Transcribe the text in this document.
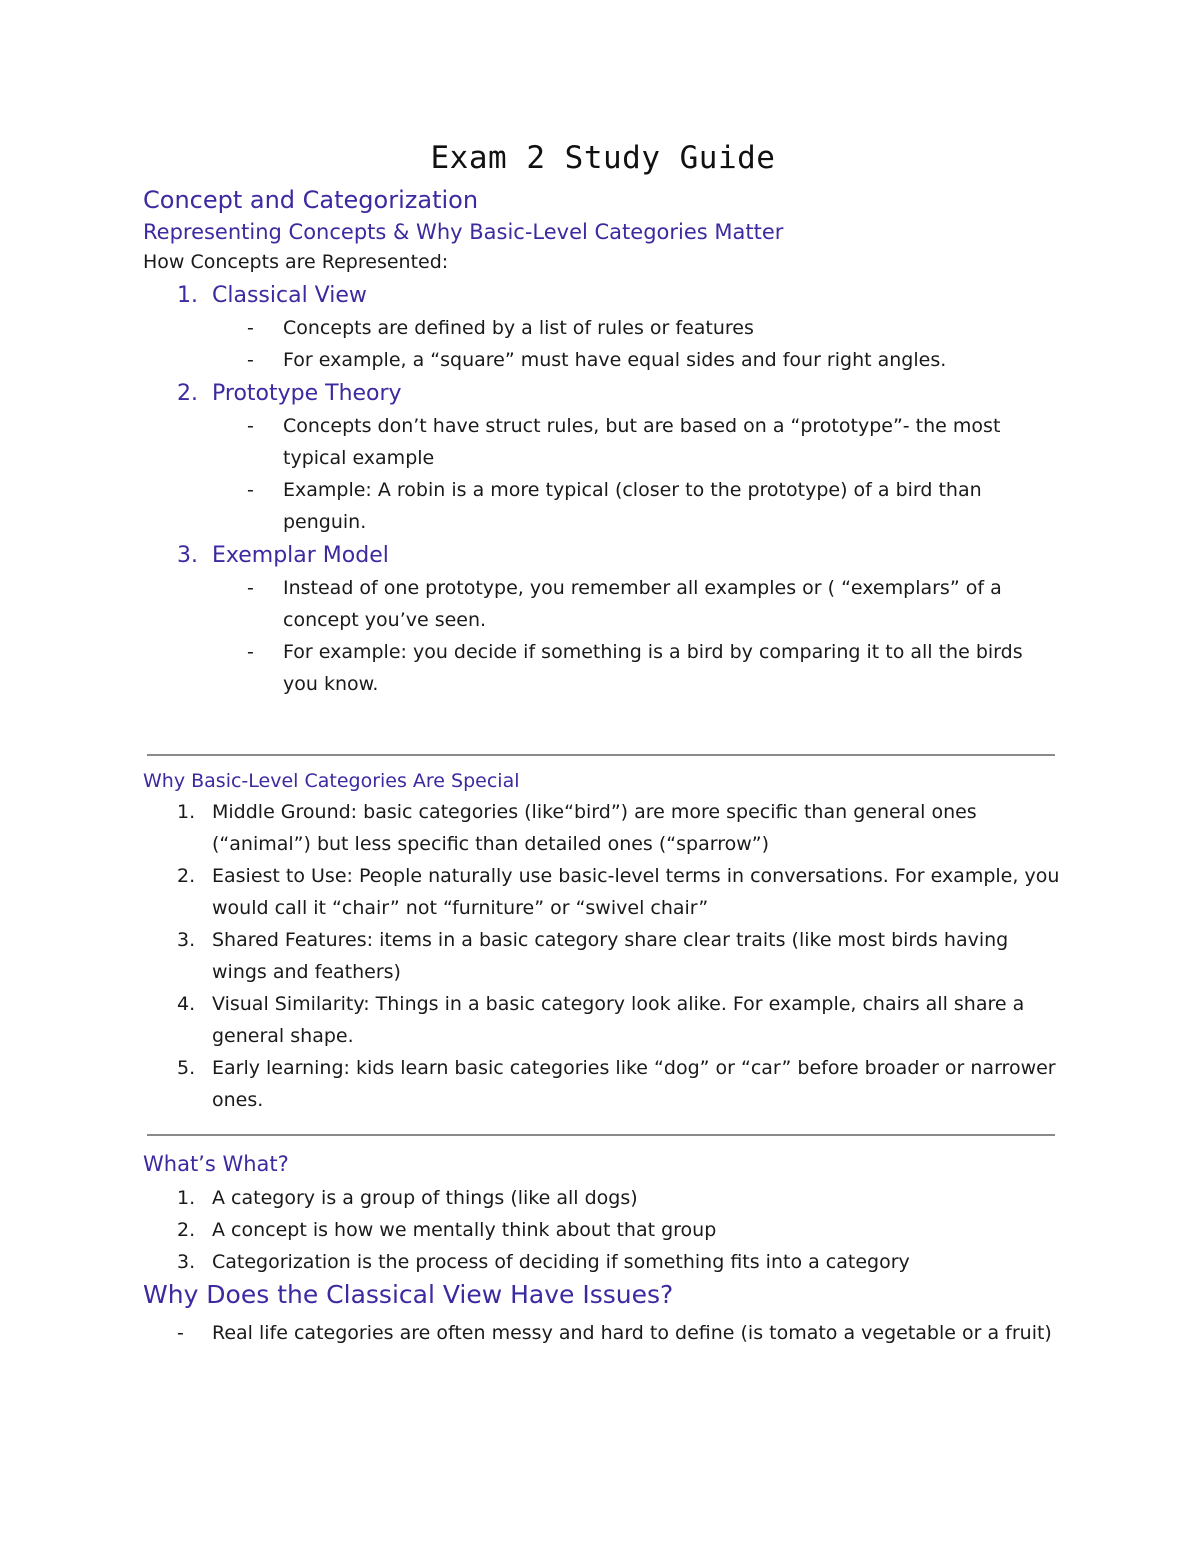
Exam 2 Study Guide
Concept and Categorization
Representing Concepts & Why Basic-Level Categories Matter
How Concepts are Represented:
1. Classical View
- Concepts are defined by a list of rules or features
- For example, a “square” must have equal sides and four right angles.
2. Prototype Theory
- Concepts don’t have struct rules, but are based on a “prototype”- the most typical example
- Example: A robin is a more typical (closer to the prototype) of a bird than penguin.
3. Exemplar Model
- Instead of one prototype, you remember all examples or ( “exemplars” of a concept you’ve seen.
- For example: you decide if something is a bird by comparing it to all the birds you know.
Why Basic-Level Categories Are Special
1. Middle Ground: basic categories (like“bird”) are more specific than general ones (“animal”) but less specific than detailed ones (“sparrow”)
2. Easiest to Use: People naturally use basic-level terms in conversations. For example, you would call it “chair” not “furniture” or “swivel chair”
3. Shared Features: items in a basic category share clear traits (like most birds having wings and feathers)
4. Visual Similarity: Things in a basic category look alike. For example, chairs all share a general shape.
5. Early learning: kids learn basic categories like “dog” or “car” before broader or narrower ones.
What’s What?
1. A category is a group of things (like all dogs)
2. A concept is how we mentally think about that group
3. Categorization is the process of deciding if something fits into a category
Why Does the Classical View Have Issues?
- Real life categories are often messy and hard to define (is tomato a vegetable or a fruit)
